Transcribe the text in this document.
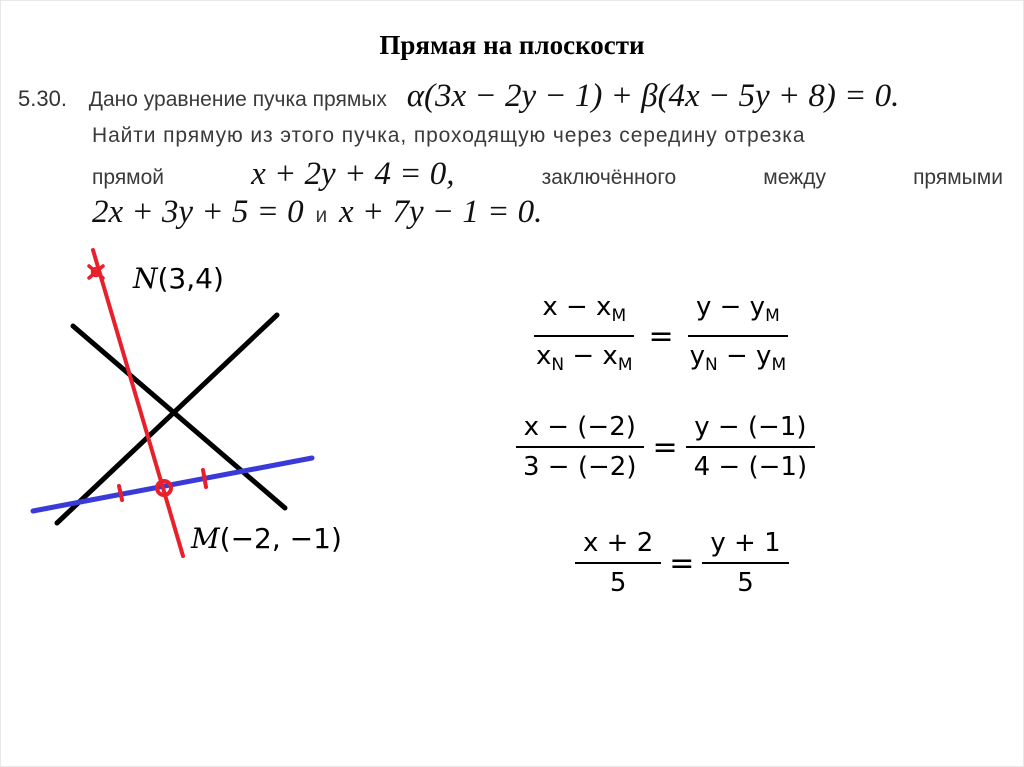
Прямая на плоскости
5.30. Дано уравнение пучка прямых α(3x − 2y − 1) + β(4x − 5y + 8) = 0.
Найти прямую из этого пучка, проходящую через середину отрезка
прямой	x + 2y + 4 = 0,	заключённого	между	прямыми
2x + 3y + 5 = 0 и x + 7y − 1 = 0.
N(3,4)
M(−2, −1)
$\frac{x - x_M}{x_N - x_M} = \frac{y - y_M}{y_N - y_M}$
$\frac{x - (-2)}{3 - (-2)} = \frac{y - (-1)}{4 - (-1)}$
$\frac{x + 2}{5} = \frac{y + 1}{5}$
